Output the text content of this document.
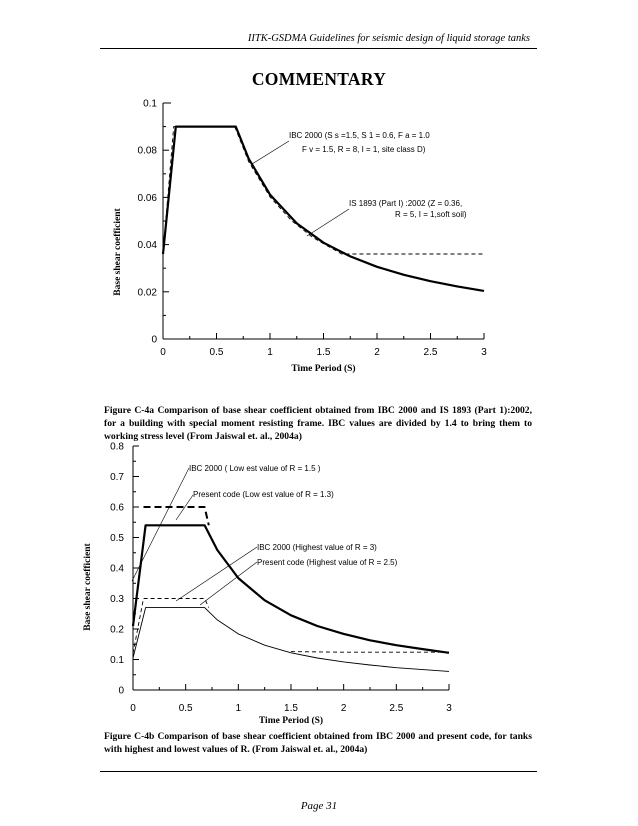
IITK-GSDMA Guidelines for seismic design of liquid storage tanks
COMMENTARY
Figure C-4a Comparison of base shear coefficient obtained from IBC 2000 and IS 1893 (Part 1):2002, for a building with special moment resisting frame. IBC values are divided by 1.4 to bring them to working stress level (From Jaiswal et. al., 2004a)
Figure C-4b Comparison of base shear coefficient obtained from IBC 2000 and present code, for tanks with highest and lowest values of R. (From Jaiswal et. al., 2004a)
Page 31
0	0.5	1	1.5	2	2.5	3
0
0.02
0.04
0.06
0.08
0.1
Time Period (S)
Base shear coefficient
IBC 2000 (S s =1.5, S 1 = 0.6, F a = 1.0
F v = 1.5, R = 8, I = 1, site class D)
IS 1893 (Part I) :2002 (Z = 0.36,
R = 5, I = 1,soft soil)
0	0.5	1	1.5	2	2.5	3
0
0.1
0.2
0.3
0.4
0.5
0.6
0.7
0.8
Time Period (S)
Base shear coefficient
IBC 2000 ( Low est value of R = 1.5 )
Present code (Low est value of R = 1.3)
IBC 2000 (Highest value of R = 3)
Present code (Highest value of R = 2.5)
